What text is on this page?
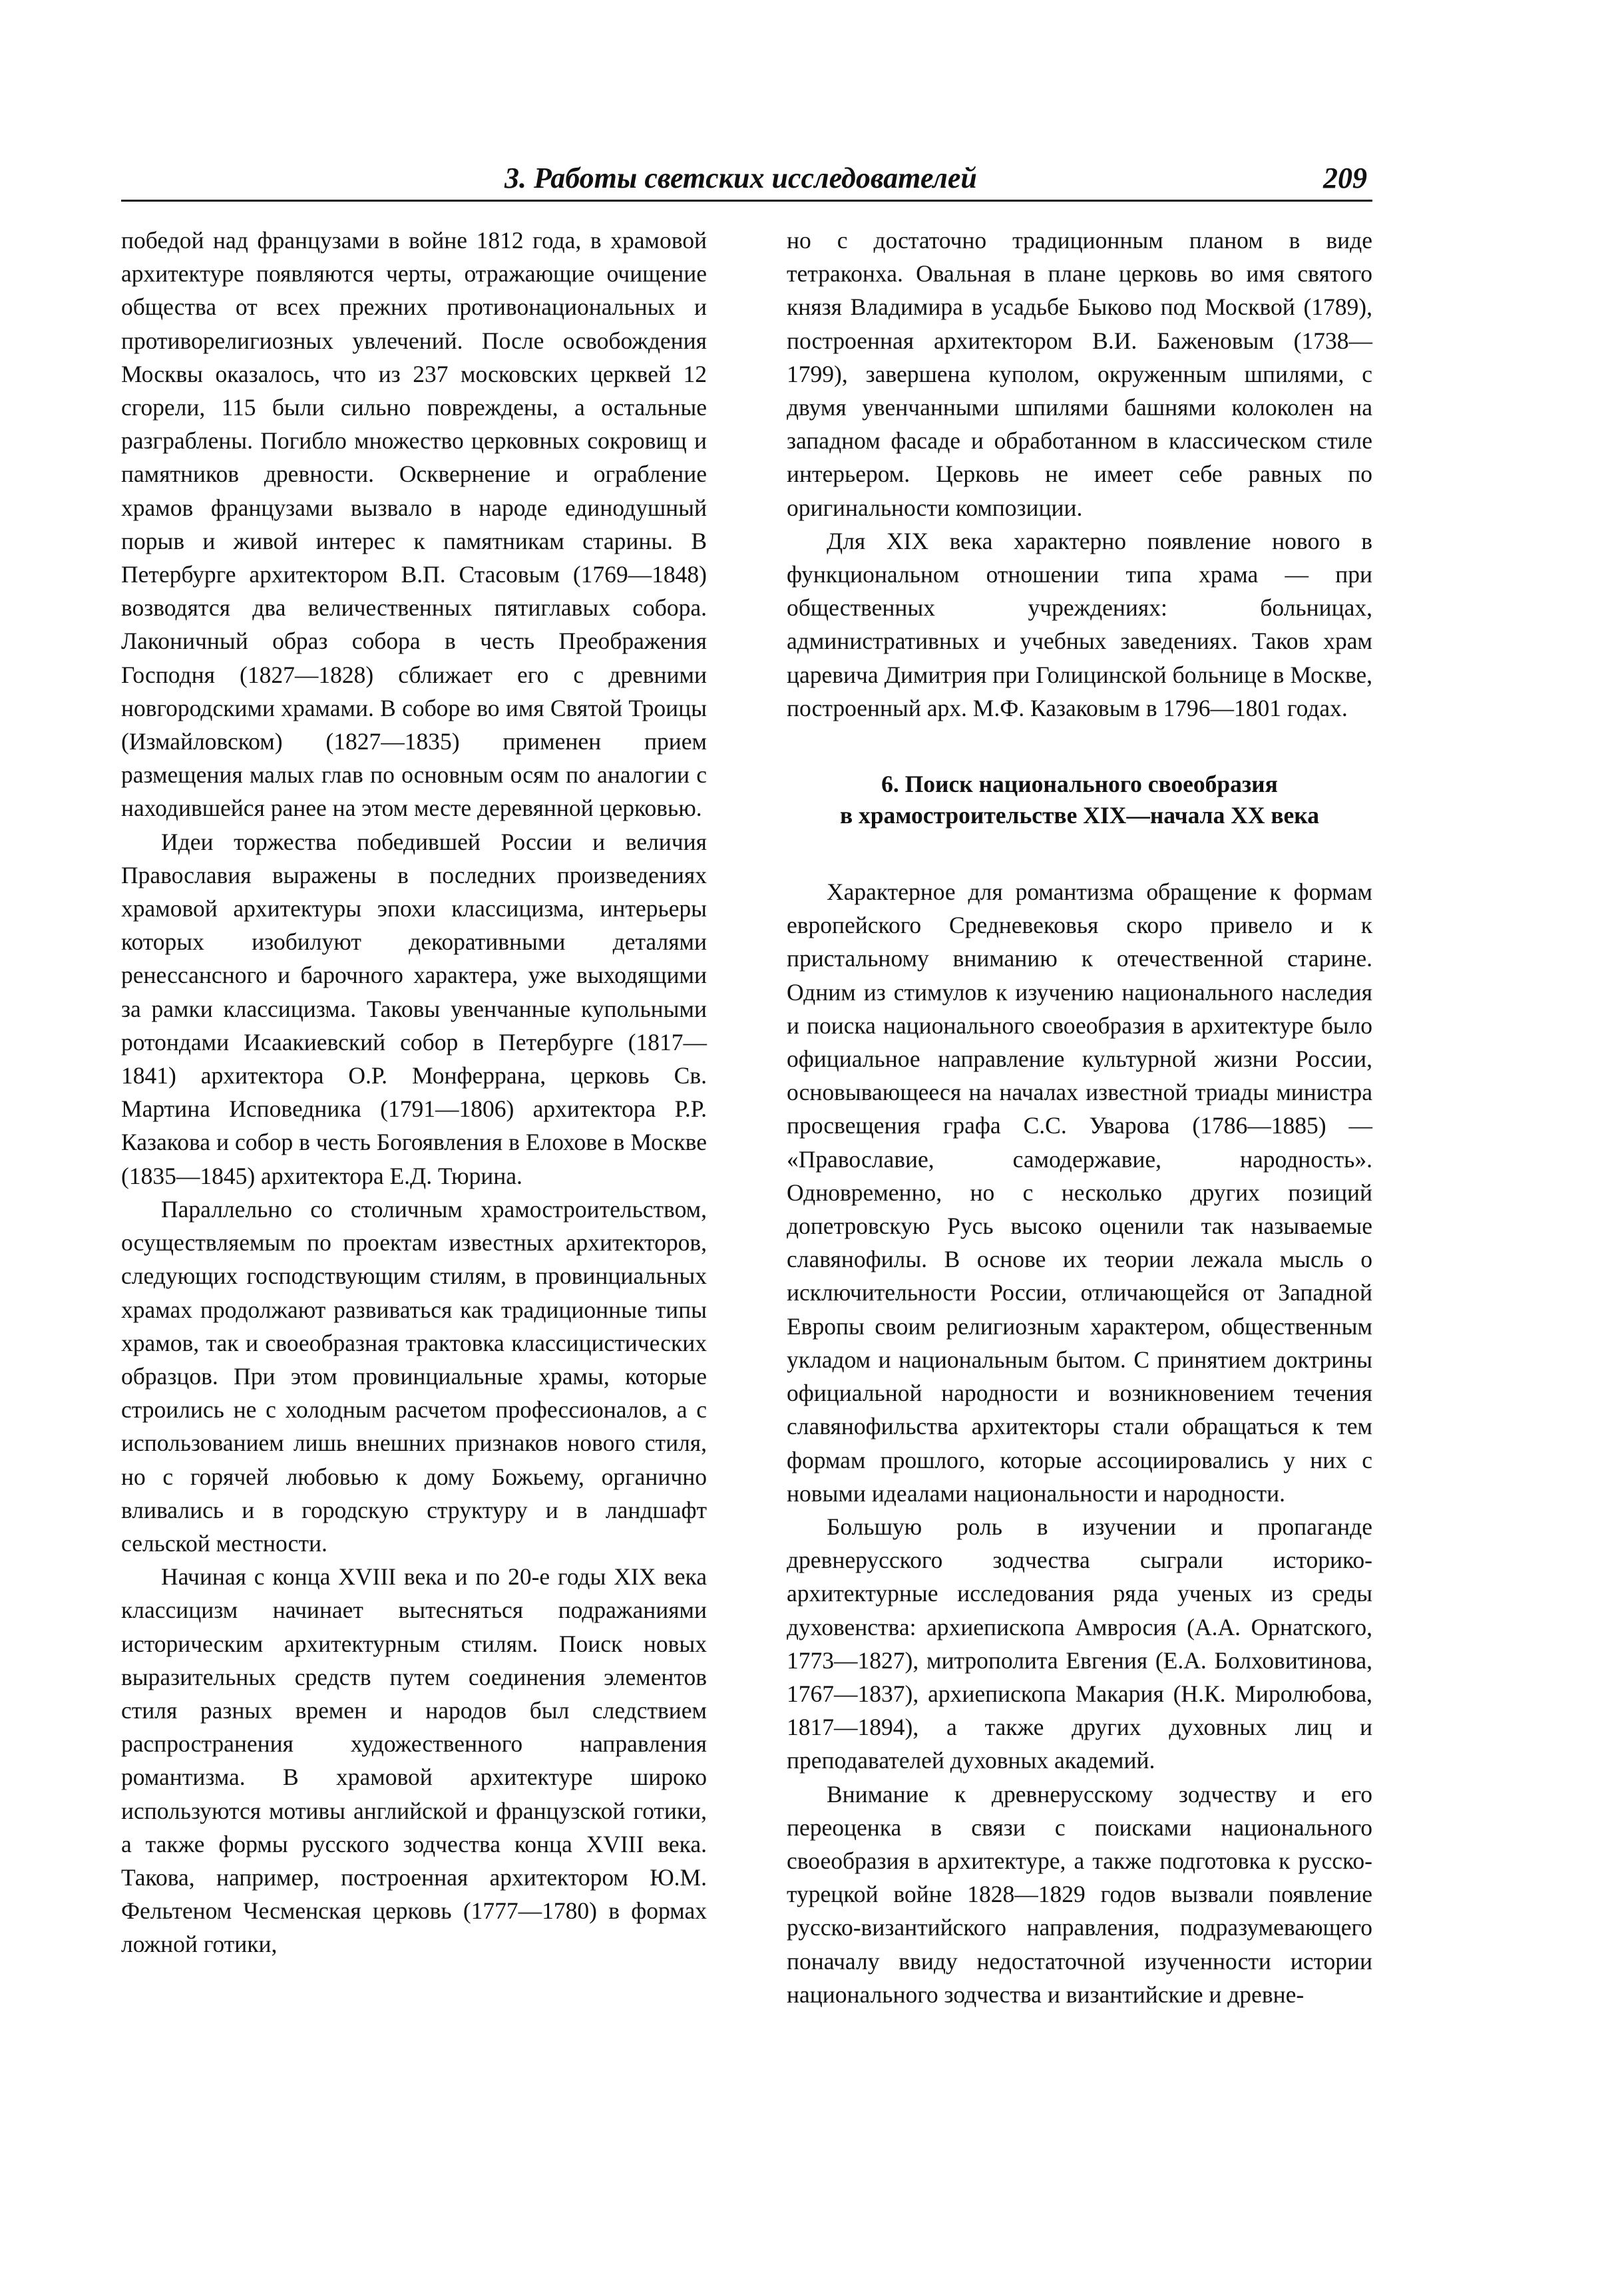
3. Работы светских исследователей	209

победой над французами в войне 1812 года, в храмовой архитектуре появляются черты, отражающие очищение общества от всех прежних противонациональных и противорелигиозных увлечений. После освобождения Москвы оказалось, что из 237 московских церквей 12 сгорели, 115 были сильно повреждены, а остальные разграблены. Погибло множество церковных сокровищ и памятников древности. Осквернение и ограбление храмов французами вызвало в народе единодушный порыв и живой интерес к памятникам старины. В Петербурге архитектором В.П. Стасовым (1769—1848) возводятся два величественных пятиглавых собора. Лаконичный образ собора в честь Преображения Господня (1827—1828) сближает его с древними новгородскими храмами. В соборе во имя Святой Троицы (Измайловском) (1827—1835) применен прием размещения малых глав по основным осям по аналогии с находившейся ранее на этом месте деревянной церковью.

Идеи торжества победившей России и величия Православия выражены в последних произведениях храмовой архитектуры эпохи классицизма, интерьеры которых изобилуют декоративными деталями ренессансного и барочного характера, уже выходящими за рамки классицизма. Таковы увенчанные купольными ротондами Исаакиевский собор в Петербурге (1817—1841) архитектора О.Р. Монферрана, церковь Св. Мартина Исповедника (1791—1806) архитектора Р.Р. Казакова и собор в честь Богоявления в Елохове в Москве (1835—1845) архитектора Е.Д. Тюрина.

Параллельно со столичным храмостроительством, осуществляемым по проектам известных архитекторов, следующих господствующим стилям, в провинциальных храмах продолжают развиваться как традиционные типы храмов, так и своеобразная трактовка классицистических образцов. При этом провинциальные храмы, которые строились не с холодным расчетом профессионалов, а с использованием лишь внешних признаков нового стиля, но с горячей любовью к дому Божьему, органично вливались и в городскую структуру и в ландшафт сельской местности.

Начиная с конца XVIII века и по 20-е годы XIX века классицизм начинает вытесняться подражаниями историческим архитектурным стилям. Поиск новых выразительных средств путем соединения элементов стиля разных времен и народов был следствием распространения художественного направления романтизма. В храмовой архитектуре широко используются мотивы английской и французской готики, а также формы русского зодчества конца XVIII века. Такова, например, построенная архитектором Ю.М. Фельтеном Чесменская церковь (1777—1780) в формах ложной готики,

но с достаточно традиционным планом в виде тетраконха. Овальная в плане церковь во имя святого князя Владимира в усадьбе Быково под Москвой (1789), построенная архитектором В.И. Баженовым (1738—1799), завершена куполом, окруженным шпилями, с двумя увенчанными шпилями башнями колоколен на западном фасаде и обработанном в классическом стиле интерьером. Церковь не имеет себе равных по оригинальности композиции.

Для XIX века характерно появление нового в функциональном отношении типа храма — при общественных учреждениях: больницах, административных и учебных заведениях. Таков храм царевича Димитрия при Голицинской больнице в Москве, построенный арх. М.Ф. Казаковым в 1796—1801 годах.

6. Поиск национального своеобразия
в храмостроительстве XIX—начала XX века

Характерное для романтизма обращение к формам европейского Средневековья скоро привело и к пристальному вниманию к отечественной старине. Одним из стимулов к изучению национального наследия и поиска национального своеобразия в архитектуре было официальное направление культурной жизни России, основывающееся на началах известной триады министра просвещения графа С.С. Уварова (1786—1885) — «Православие, самодержавие, народность». Одновременно, но с несколько других позиций допетровскую Русь высоко оценили так называемые славянофилы. В основе их теории лежала мысль о исключительности России, отличающейся от Западной Европы своим религиозным характером, общественным укладом и национальным бытом. С принятием доктрины официальной народности и возникновением течения славянофильства архитекторы стали обращаться к тем формам прошлого, которые ассоциировались у них с новыми идеалами национальности и народности.

Большую роль в изучении и пропаганде древнерусского зодчества сыграли историко-архитектурные исследования ряда ученых из среды духовенства: архиепископа Амвросия (А.А. Орнатского, 1773—1827), митрополита Евгения (Е.А. Болховитинова, 1767—1837), архиепископа Макария (Н.К. Миролюбова, 1817—1894), а также других духовных лиц и преподавателей духовных академий.

Внимание к древнерусскому зодчеству и его переоценка в связи с поисками национального своеобразия в архитектуре, а также подготовка к русско-турецкой войне 1828—1829 годов вызвали появление русско-византийского направления, подразумевающего поначалу ввиду недостаточной изученности истории национального зодчества и византийские и древне-
